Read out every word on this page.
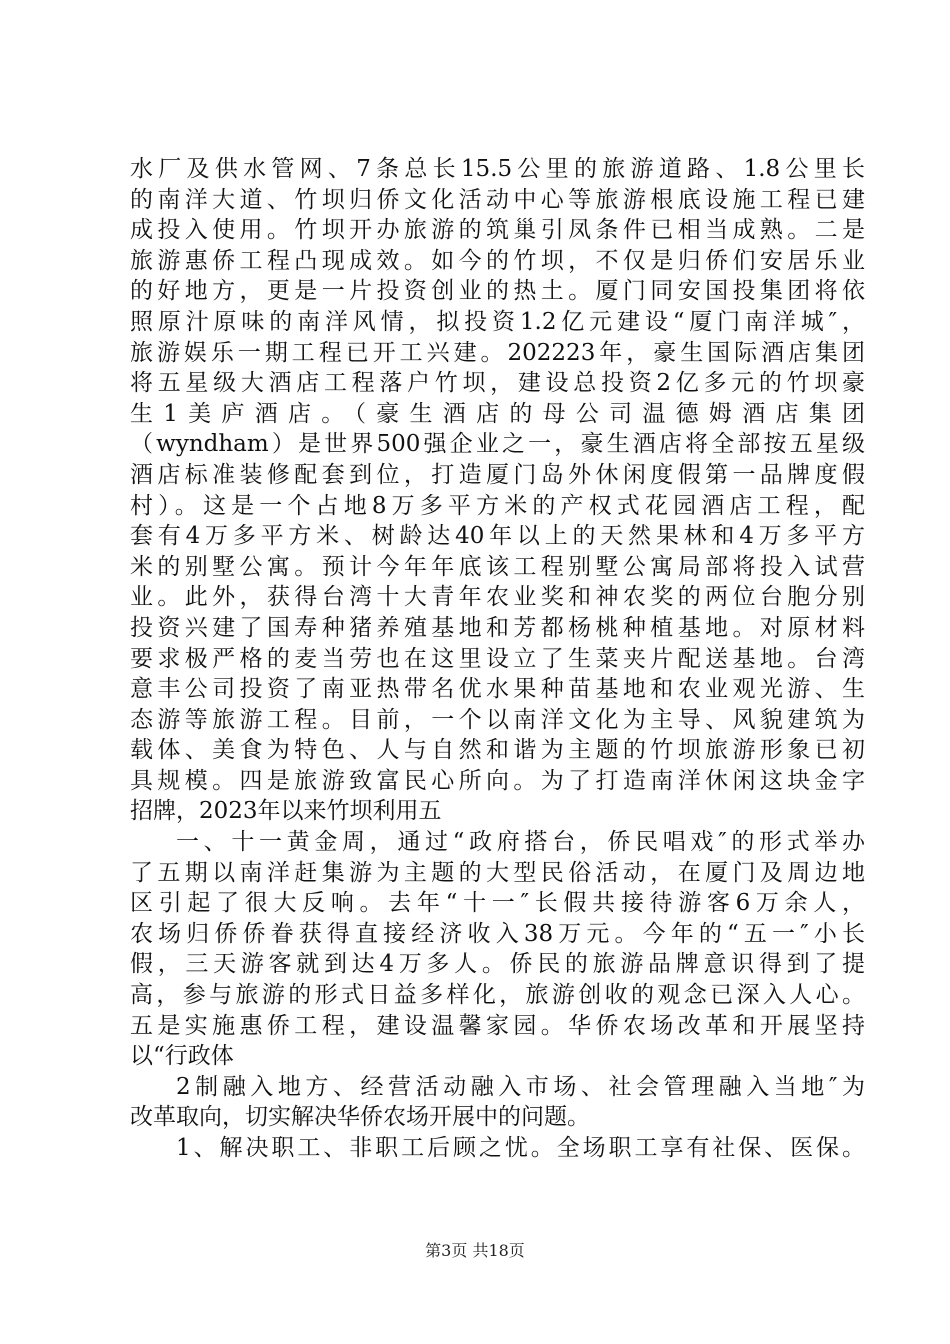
水厂及供水管网、7条总长15.5公里的旅游道路、1.8公里长
的南洋大道、竹坝归侨文化活动中心等旅游根底设施工程已建
成投入使用。竹坝开办旅游的筑巢引凤条件已相当成熟。二是
旅游惠侨工程凸现成效。如今的竹坝，不仅是归侨们安居乐业
的好地方，更是一片投资创业的热土。厦门同安国投集团将依
照原汁原味的南洋风情，拟投资1.2亿元建设“厦门南洋城″，
旅游娱乐一期工程已开工兴建。202223年，豪生国际酒店集团
将五星级大酒店工程落户竹坝，建设总投资2亿多元的竹坝豪
生1美庐酒店。（豪生酒店的母公司温德姆酒店集团
（wyndham）是世界500强企业之一，豪生酒店将全部按五星级
酒店标准装修配套到位，打造厦门岛外休闲度假第一品牌度假
村）。这是一个占地8万多平方米的产权式花园酒店工程，配
套有4万多平方米、树龄达40年以上的天然果林和4万多平方
米的别墅公寓。预计今年年底该工程别墅公寓局部将投入试营
业。此外，获得台湾十大青年农业奖和神农奖的两位台胞分别
投资兴建了国寿种猪养殖基地和芳都杨桃种植基地。对原材料
要求极严格的麦当劳也在这里设立了生菜夹片配送基地。台湾
意丰公司投资了南亚热带名优水果种苗基地和农业观光游、生
态游等旅游工程。目前，一个以南洋文化为主导、风貌建筑为
载体、美食为特色、人与自然和谐为主题的竹坝旅游形象已初
具规模。四是旅游致富民心所向。为了打造南洋休闲这块金字
招牌，2023年以来竹坝利用五
一、十一黄金周，通过“政府搭台，侨民唱戏″的形式举办
了五期以南洋赶集游为主题的大型民俗活动，在厦门及周边地
区引起了很大反响。去年“十一″长假共接待游客6万余人，
农场归侨侨眷获得直接经济收入38万元。今年的“五一″小长
假，三天游客就到达4万多人。侨民的旅游品牌意识得到了提
高，参与旅游的形式日益多样化，旅游创收的观念已深入人心。
五是实施惠侨工程，建设温馨家园。华侨农场改革和开展坚持
以“行政体
2制融入地方、经营活动融入市场、社会管理融入当地″为
改革取向，切实解决华侨农场开展中的问题。
1、解决职工、非职工后顾之忧。全场职工享有社保、医保。
第3页 共18页
